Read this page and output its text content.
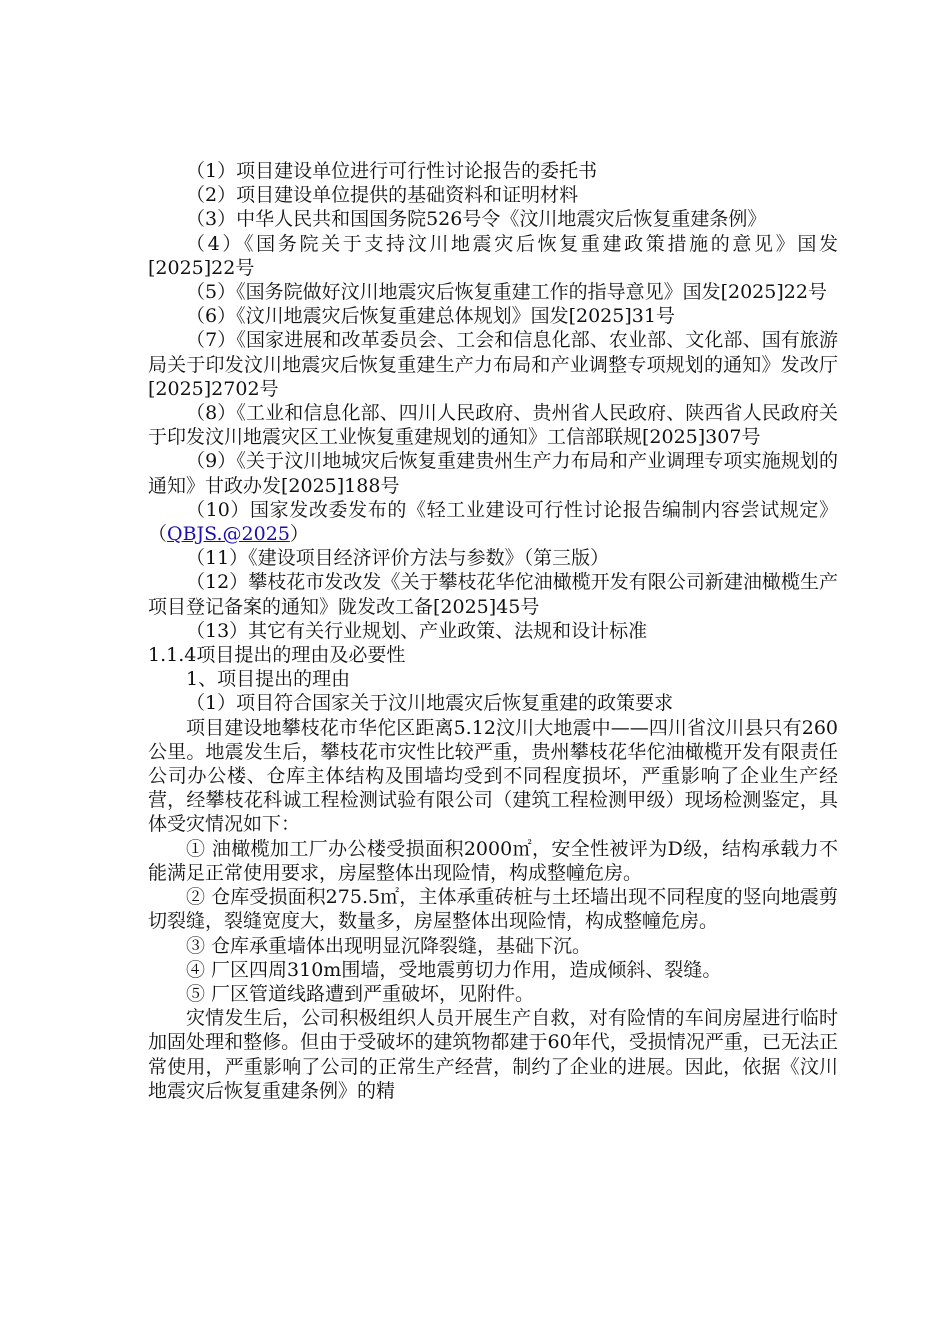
（1）项目建设单位进行可行性讨论报告的委托书

（2）项目建设单位提供的基础资料和证明材料

（3）中华人民共和国国务院526号令《汶川地震灾后恢复重建条例》

（4）《国务院关于支持汶川地震灾后恢复重建政策措施的意见》国发[2025]22号

（5）《国务院做好汶川地震灾后恢复重建工作的指导意见》国发[2025]22号

（6）《汶川地震灾后恢复重建总体规划》国发[2025]31号

（7）《国家进展和改革委员会、工会和信息化部、农业部、文化部、国有旅游局关于印发汶川地震灾后恢复重建生产力布局和产业调整专项规划的通知》发改厅[2025]2702号

（8）《工业和信息化部、四川人民政府、贵州省人民政府、陕西省人民政府关于印发汶川地震灾区工业恢复重建规划的通知》工信部联规[2025]307号

（9）《关于汶川地城灾后恢复重建贵州生产力布局和产业调理专项实施规划的通知》甘政办发[2025]188号

（10）国家发改委发布的《轻工业建设可行性讨论报告编制内容尝试规定》（QBJS.@2025）

（11）《建设项目经济评价方法与参数》（第三版）

（12）攀枝花市发改发《关于攀枝花华佗油橄榄开发有限公司新建油橄榄生产项目登记备案的通知》陇发改工备[2025]45号

（13）其它有关行业规划、产业政策、法规和设计标准

1.1.4项目提出的理由及必要性

1、项目提出的理由

（1）项目符合国家关于汶川地震灾后恢复重建的政策要求

项目建设地攀枝花市华佗区距离5.12汶川大地震中——四川省汶川县只有260公里。地震发生后，攀枝花市灾性比较严重，贵州攀枝花华佗油橄榄开发有限责任公司办公楼、仓库主体结构及围墙均受到不同程度损坏，严重影响了企业生产经营，经攀枝花科诚工程检测试验有限公司（建筑工程检测甲级）现场检测鉴定，具体受灾情况如下：

① 油橄榄加工厂办公楼受损面积2000㎡，安全性被评为D级，结构承载力不能满足正常使用要求，房屋整体出现险情，构成整幢危房。

② 仓库受损面积275.5㎡，主体承重砖桩与土坯墙出现不同程度的竖向地震剪切裂缝，裂缝宽度大，数量多，房屋整体出现险情，构成整幢危房。

③ 仓库承重墙体出现明显沉降裂缝，基础下沉。

④ 厂区四周310m围墙，受地震剪切力作用，造成倾斜、裂缝。

⑤ 厂区管道线路遭到严重破坏，见附件。

灾情发生后，公司积极组织人员开展生产自救，对有险情的车间房屋进行临时加固处理和整修。但由于受破坏的建筑物都建于60年代，受损情况严重，已无法正常使用，严重影响了公司的正常生产经营，制约了企业的进展。因此，依据《汶川地震灾后恢复重建条例》的精
